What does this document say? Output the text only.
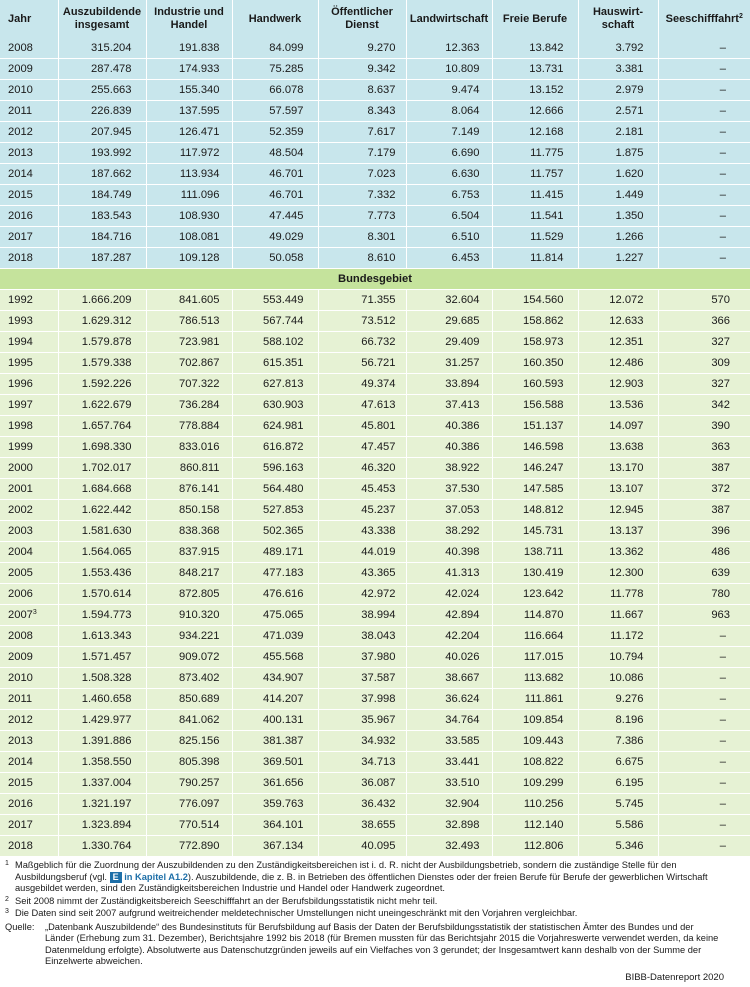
Jahr	Auszubildende insgesamt	Industrie und Handel	Handwerk	Öffentlicher Dienst	Landwirtschaft	Freie Berufe	Hauswirt- schaft	Seeschifffahrt$^2$
2008	315.204	191.838	84.099	9.270	12.363	13.842	3.792	–
2009	287.478	174.933	75.285	9.342	10.809	13.731	3.381	–
2010	255.663	155.340	66.078	8.637	9.474	13.152	2.979	–
2011	226.839	137.595	57.597	8.343	8.064	12.666	2.571	–
2012	207.945	126.471	52.359	7.617	7.149	12.168	2.181	–
2013	193.992	117.972	48.504	7.179	6.690	11.775	1.875	–
2014	187.662	113.934	46.701	7.023	6.630	11.757	1.620	–
2015	184.749	111.096	46.701	7.332	6.753	11.415	1.449	–
2016	183.543	108.930	47.445	7.773	6.504	11.541	1.350	–
2017	184.716	108.081	49.029	8.301	6.510	11.529	1.266	–
2018	187.287	109.128	50.058	8.610	6.453	11.814	1.227	–
Bundesgebiet								
1992	1.666.209	841.605	553.449	71.355	32.604	154.560	12.072	570
1993	1.629.312	786.513	567.744	73.512	29.685	158.862	12.633	366
1994	1.579.878	723.981	588.102	66.732	29.409	158.973	12.351	327
1995	1.579.338	702.867	615.351	56.721	31.257	160.350	12.486	309
1996	1.592.226	707.322	627.813	49.374	33.894	160.593	12.903	327
1997	1.622.679	736.284	630.903	47.613	37.413	156.588	13.536	342
1998	1.657.764	778.884	624.981	45.801	40.386	151.137	14.097	390
1999	1.698.330	833.016	616.872	47.457	40.386	146.598	13.638	363
2000	1.702.017	860.811	596.163	46.320	38.922	146.247	13.170	387
2001	1.684.668	876.141	564.480	45.453	37.530	147.585	13.107	372
2002	1.622.442	850.158	527.853	45.237	37.053	148.812	12.945	387
2003	1.581.630	838.368	502.365	43.338	38.292	145.731	13.137	396
2004	1.564.065	837.915	489.171	44.019	40.398	138.711	13.362	486
2005	1.553.436	848.217	477.183	43.365	41.313	130.419	12.300	639
2006	1.570.614	872.805	476.616	42.972	42.024	123.642	11.778	780
2007$^3$	1.594.773	910.320	475.065	38.994	42.894	114.870	11.667	963
2008	1.613.343	934.221	471.039	38.043	42.204	116.664	11.172	–
2009	1.571.457	909.072	455.568	37.980	40.026	117.015	10.794	–
2010	1.508.328	873.402	434.907	37.587	38.667	113.682	10.086	–
2011	1.460.658	850.689	414.207	37.998	36.624	111.861	9.276	–
2012	1.429.977	841.062	400.131	35.967	34.764	109.854	8.196	–
2013	1.391.886	825.156	381.387	34.932	33.585	109.443	7.386	–
2014	1.358.550	805.398	369.501	34.713	33.441	108.822	6.675	–
2015	1.337.004	790.257	361.656	36.087	33.510	109.299	6.195	–
2016	1.321.197	776.097	359.763	36.432	32.904	110.256	5.745	–
2017	1.323.894	770.514	364.101	38.655	32.898	112.140	5.586	–
2018	1.330.764	772.890	367.134	40.095	32.493	112.806	5.346	–
1 Maßgeblich für die Zuordnung der Auszubildenden zu den Zuständigkeitsbereichen ist i. d. R. nicht der Ausbildungsbetrieb, sondern die zuständige Stelle für den Ausbildungsberuf (vgl. E in Kapitel A1.2). Auszubildende, die z. B. in Betrieben des öffentlichen Dienstes oder der freien Berufe für Berufe der gewerblichen Wirtschaft ausgebildet werden, sind den Zuständigkeitsbereichen Industrie und Handel oder Handwerk zugeordnet.
2 Seit 2008 nimmt der Zuständigkeitsbereich Seeschifffahrt an der Berufsbildungsstatistik nicht mehr teil.
3 Die Daten sind seit 2007 aufgrund weitreichender meldetechnischer Umstellungen nicht uneingeschränkt mit den Vorjahren vergleichbar.
Quelle:	„Datenbank Auszubildende“ des Bundesinstituts für Berufsbildung auf Basis der Daten der Berufsbildungsstatistik der statistischen Ämter des Bundes und der Länder (Erhebung zum 31. Dezember), Berichtsjahre 1992 bis 2018 (für Bremen mussten für das Berichtsjahr 2015 die Vorjahreswerte verwendet werden, da keine Datenmeldung erfolgte). Absolutwerte aus Datenschutzgründen jeweils auf ein Vielfaches von 3 gerundet; der Insgesamtwert kann deshalb von der Summe der Einzelwerte abweichen.
BIBB-Datenreport 2020
